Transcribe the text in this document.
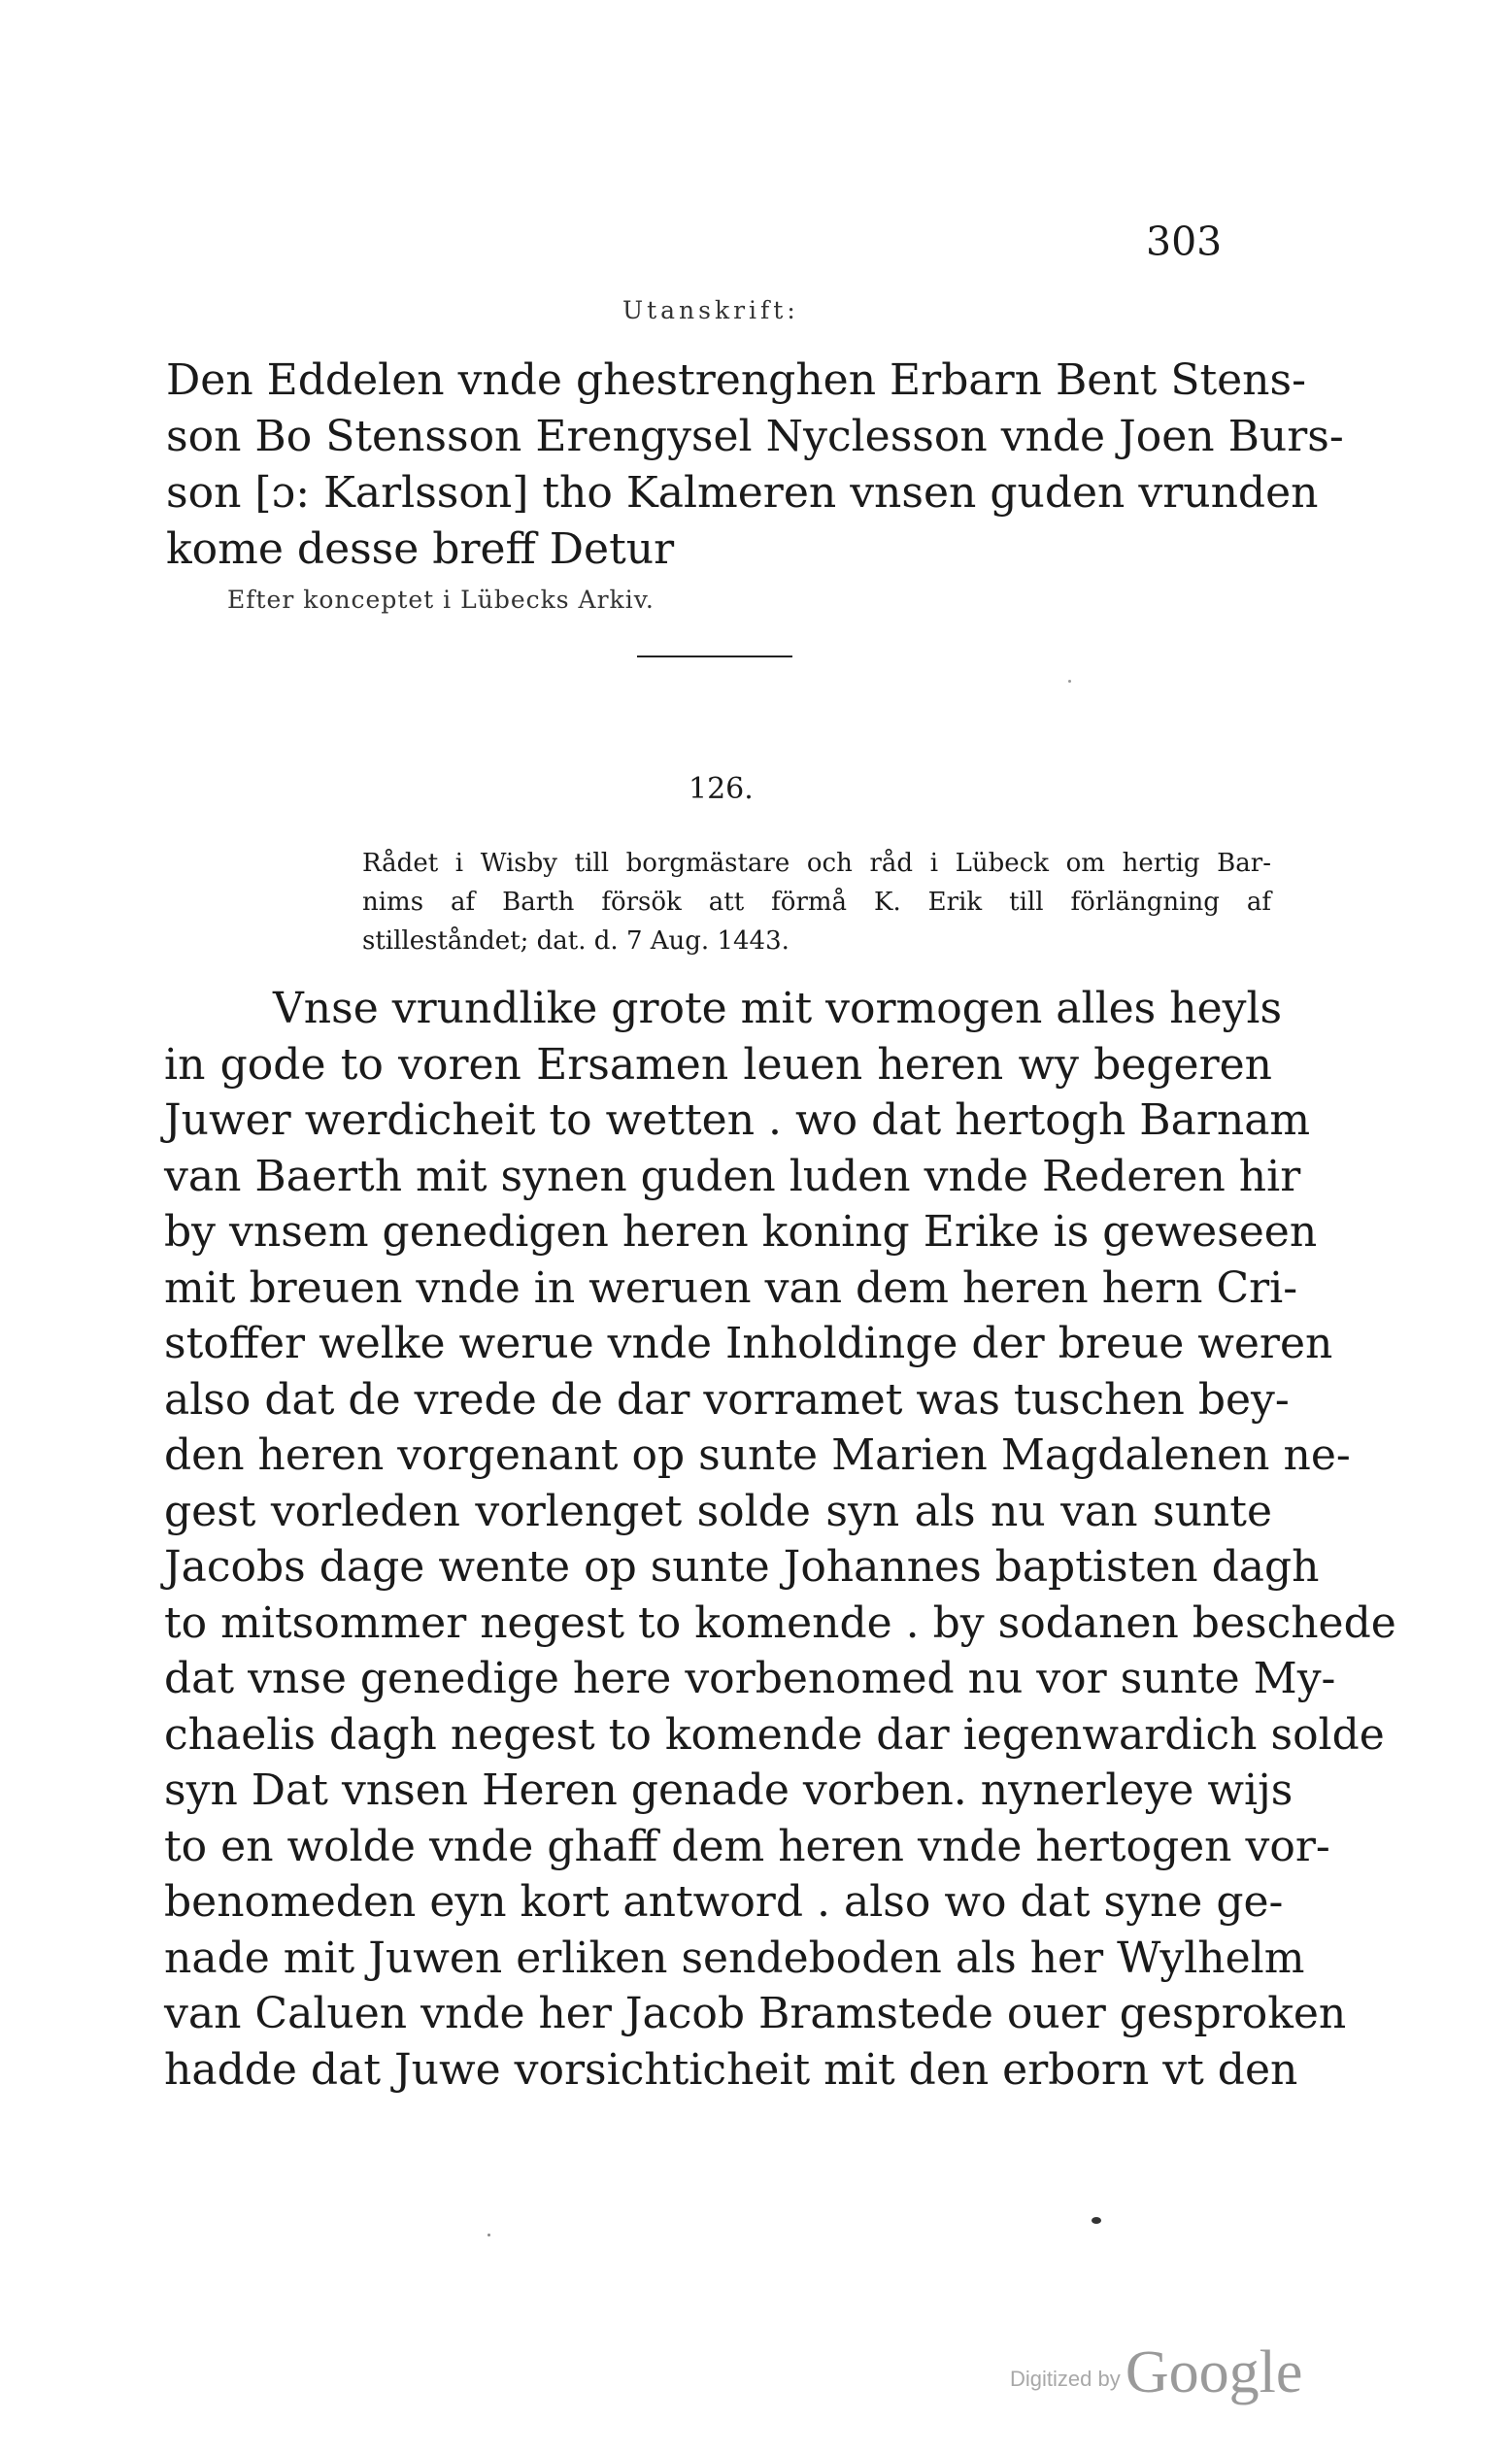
303
Utanskrift:
Den Eddelen vnde ghestrenghen Erbarn Bent Stens-
son Bo Stensson Erengysel Nyclesson vnde Joen Burs-
son [ɔ: Karlsson] tho Kalmeren vnsen guden vrunden
kome desse breff Detur
Efter konceptet i Lübecks Arkiv.
126.
Rådet i Wisby till borgmästare och råd i Lübeck om hertig Bar-
nims af Barth försök att förmå K. Erik till förlängning af
stilleståndet; dat. d. 7 Aug. 1443.
Vnse vrundlike grote mit vormogen alles heyls
in gode to voren Ersamen leuen heren wy begeren
Juwer werdicheit to wetten . wo dat hertogh Barnam
van Baerth mit synen guden luden vnde Rederen hir
by vnsem genedigen heren koning Erike is geweseen
mit breuen vnde in weruen van dem heren hern Cri-
stoffer welke werue vnde Inholdinge der breue weren
also dat de vrede de dar vorramet was tuschen bey-
den heren vorgenant op sunte Marien Magdalenen ne-
gest vorleden vorlenget solde syn als nu van sunte
Jacobs dage wente op sunte Johannes baptisten dagh
to mitsommer negest to komende . by sodanen beschede
dat vnse genedige here vorbenomed nu vor sunte My-
chaelis dagh negest to komende dar iegenwardich solde
syn Dat vnsen Heren genade vorben. nynerleye wijs
to en wolde vnde ghaff dem heren vnde hertogen vor-
benomeden eyn kort antword . also wo dat syne ge-
nade mit Juwen erliken sendeboden als her Wylhelm
van Caluen vnde her Jacob Bramstede ouer gesproken
hadde dat Juwe vorsichticheit mit den erborn vt den
Digitized by Google
